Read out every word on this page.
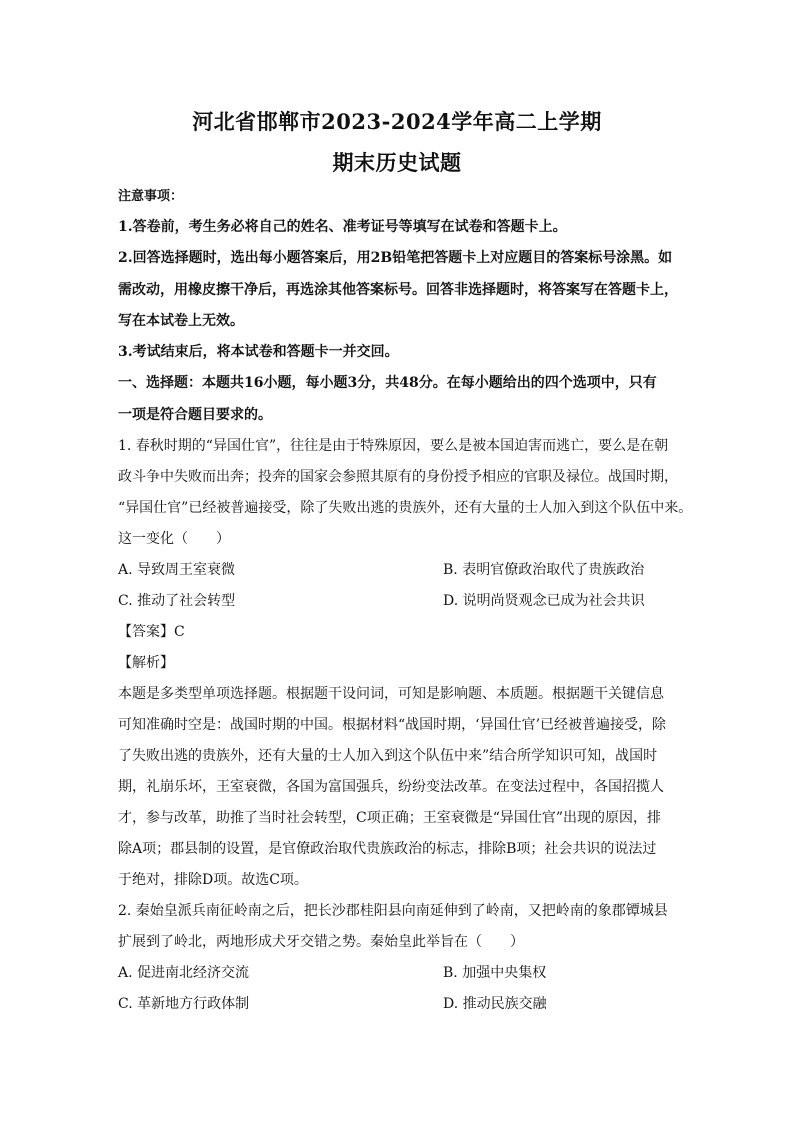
河北省邯郸市2023-2024学年高二上学期
期末历史试题
注意事项：
1.答卷前，考生务必将自己的姓名、准考证号等填写在试卷和答题卡上。
2.回答选择题时，选出每小题答案后，用2B铅笔把答题卡上对应题目的答案标号涂黑。如
需改动，用橡皮擦干净后，再选涂其他答案标号。回答非选择题时，将答案写在答题卡上，
写在本试卷上无效。
3.考试结束后，将本试卷和答题卡一并交回。
一、选择题：本题共16小题，每小题3分，共48分。在每小题给出的四个选项中，只有
一项是符合题目要求的。
1. 春秋时期的“异国仕官”，往往是由于特殊原因，要么是被本国迫害而逃亡，要么是在朝
政斗争中失败而出奔；投奔的国家会参照其原有的身份授予相应的官职及禄位。战国时期，
“异国仕官”已经被普遍接受，除了失败出逃的贵族外，还有大量的士人加入到这个队伍中来。
这一变化（　　）
A. 导致周王室衰微	B. 表明官僚政治取代了贵族政治
C. 推动了社会转型	D. 说明尚贤观念已成为社会共识
【答案】C
【解析】
本题是多类型单项选择题。根据题干设问词，可知是影响题、本质题。根据题干关键信息
可知准确时空是：战国时期的中国。根据材料“战国时期，‘异国仕官’已经被普遍接受，除
了失败出逃的贵族外，还有大量的士人加入到这个队伍中来”结合所学知识可知，战国时
期，礼崩乐坏，王室衰微，各国为富国强兵，纷纷变法改革。在变法过程中，各国招揽人
才，参与改革，助推了当时社会转型，C项正确；王室衰微是“异国仕官”出现的原因，排
除A项；郡县制的设置，是官僚政治取代贵族政治的标志，排除B项；社会共识的说法过
于绝对，排除D项。故选C项。
2. 秦始皇派兵南征岭南之后，把长沙郡桂阳县向南延伸到了岭南，又把岭南的象郡镡城县
扩展到了岭北，两地形成犬牙交错之势。秦始皇此举旨在（　　）
A. 促进南北经济交流	B. 加强中央集权
C. 革新地方行政体制	D. 推动民族交融
